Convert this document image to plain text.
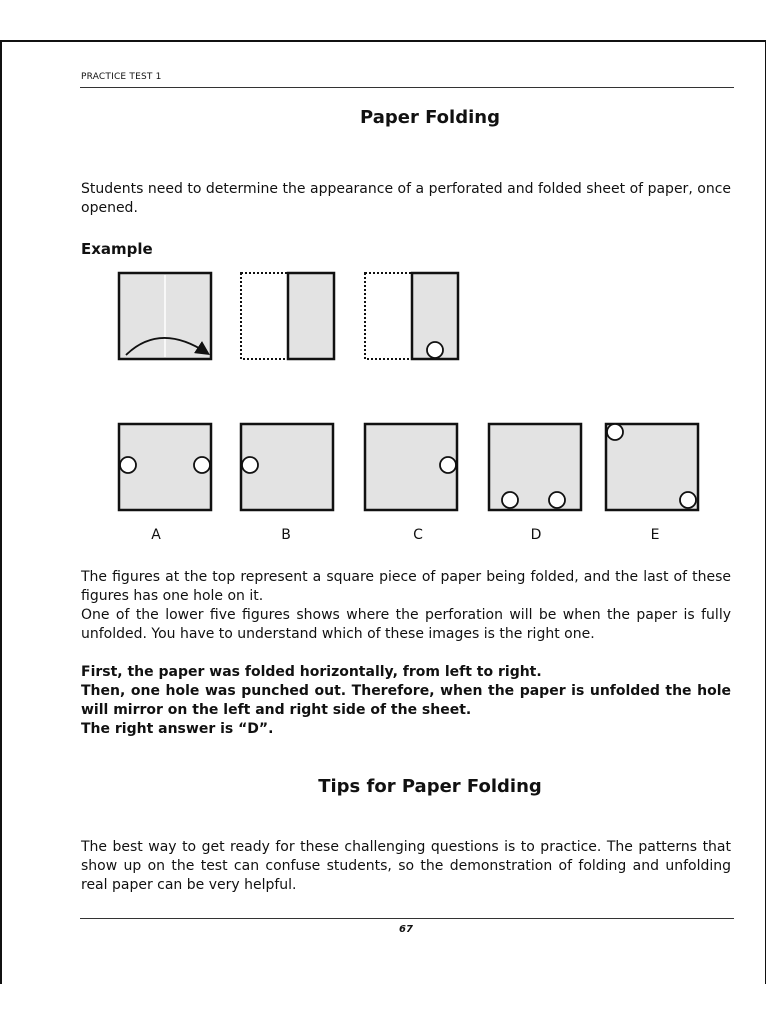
PRACTICE TEST 1
Paper Folding

Students need to determine the appearance of a perforated and folded sheet of paper, once opened.

Example
A	B	C	D	E

The figures at the top represent a square piece of paper being folded, and the last of these figures has one hole on it.

One of the lower five figures shows where the perforation will be when the paper is fully unfolded. You have to understand which of these images is the right one.

First, the paper was folded horizontally, from left to right.

Then, one hole was punched out. Therefore, when the paper is unfolded the hole will mirror on the left and right side of the sheet.

The right answer is “D”.

Tips for Paper Folding

The best way to get ready for these challenging questions is to practice. The patterns that show up on the test can confuse students, so the demonstration of folding and unfolding real paper can be very helpful.

67
